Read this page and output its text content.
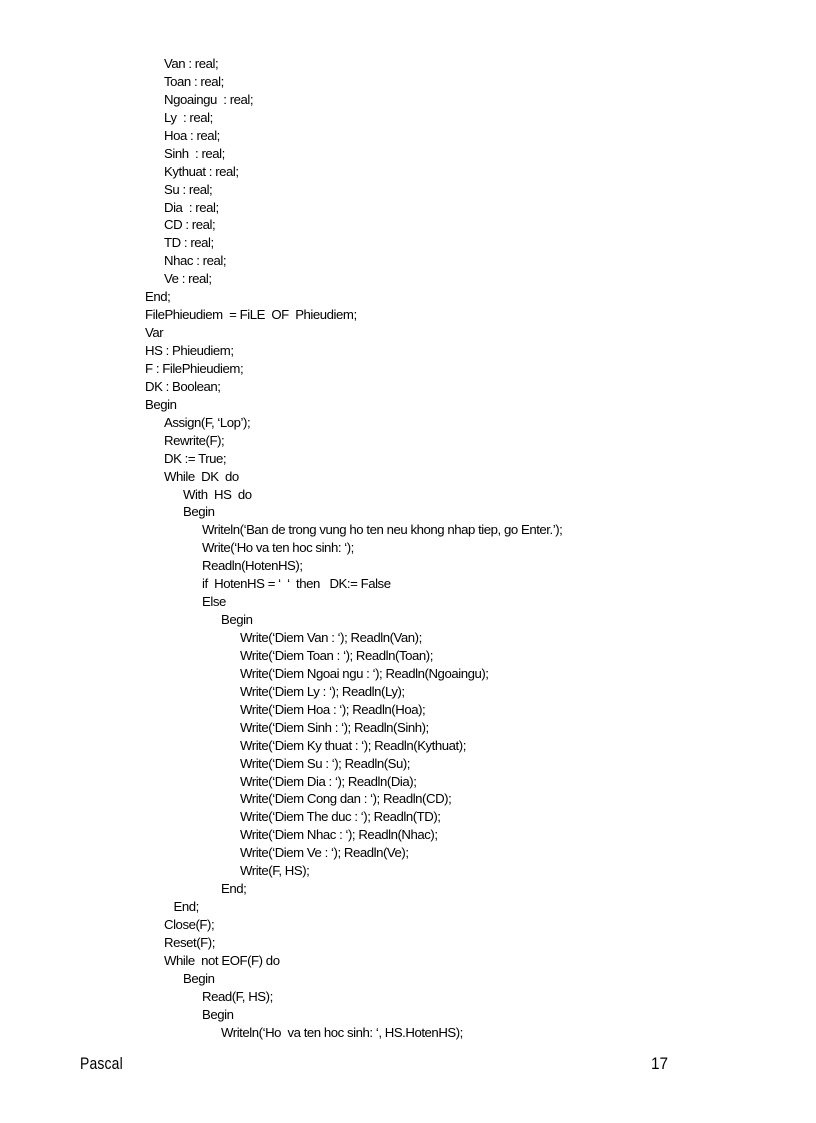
Van : real;
Toan : real;
Ngoaingu  : real;
Ly  : real;
Hoa : real;
Sinh  : real;
Kythuat : real;
Su : real;
Dia  : real;
CD : real;
TD : real;
Nhac : real;
Ve : real;
End;
FilePhieudiem  = FiLE  OF  Phieudiem;
Var
HS : Phieudiem;
F : FilePhieudiem;
DK : Boolean;
Begin
Assign(F, ‘Lop’);
Rewrite(F);
DK := True;
While  DK  do
With  HS  do
Begin
Writeln(‘Ban de trong vung ho ten neu khong nhap tiep, go Enter.’);
Write(‘Ho va ten hoc sinh: ‘);
Readln(HotenHS);
if  HotenHS = ‘  ‘  then   DK:= False
Else
Begin
Write(‘Diem Van : ‘); Readln(Van);
Write(‘Diem Toan : ‘); Readln(Toan);
Write(‘Diem Ngoai ngu : ‘); Readln(Ngoaingu);
Write(‘Diem Ly : ‘); Readln(Ly);
Write(‘Diem Hoa : ‘); Readln(Hoa);
Write(‘Diem Sinh : ‘); Readln(Sinh);
Write(‘Diem Ky thuat : ‘); Readln(Kythuat);
Write(‘Diem Su : ‘); Readln(Su);
Write(‘Diem Dia : ‘); Readln(Dia);
Write(‘Diem Cong dan : ‘); Readln(CD);
Write(‘Diem The duc : ‘); Readln(TD);
Write(‘Diem Nhac : ‘); Readln(Nhac);
Write(‘Diem Ve : ‘); Readln(Ve);
Write(F, HS);
End;
End;
Close(F);
Reset(F);
While  not EOF(F) do
Begin
Read(F, HS);
Begin
Writeln(‘Ho  va ten hoc sinh: ‘, HS.HotenHS);
Pascal	17
